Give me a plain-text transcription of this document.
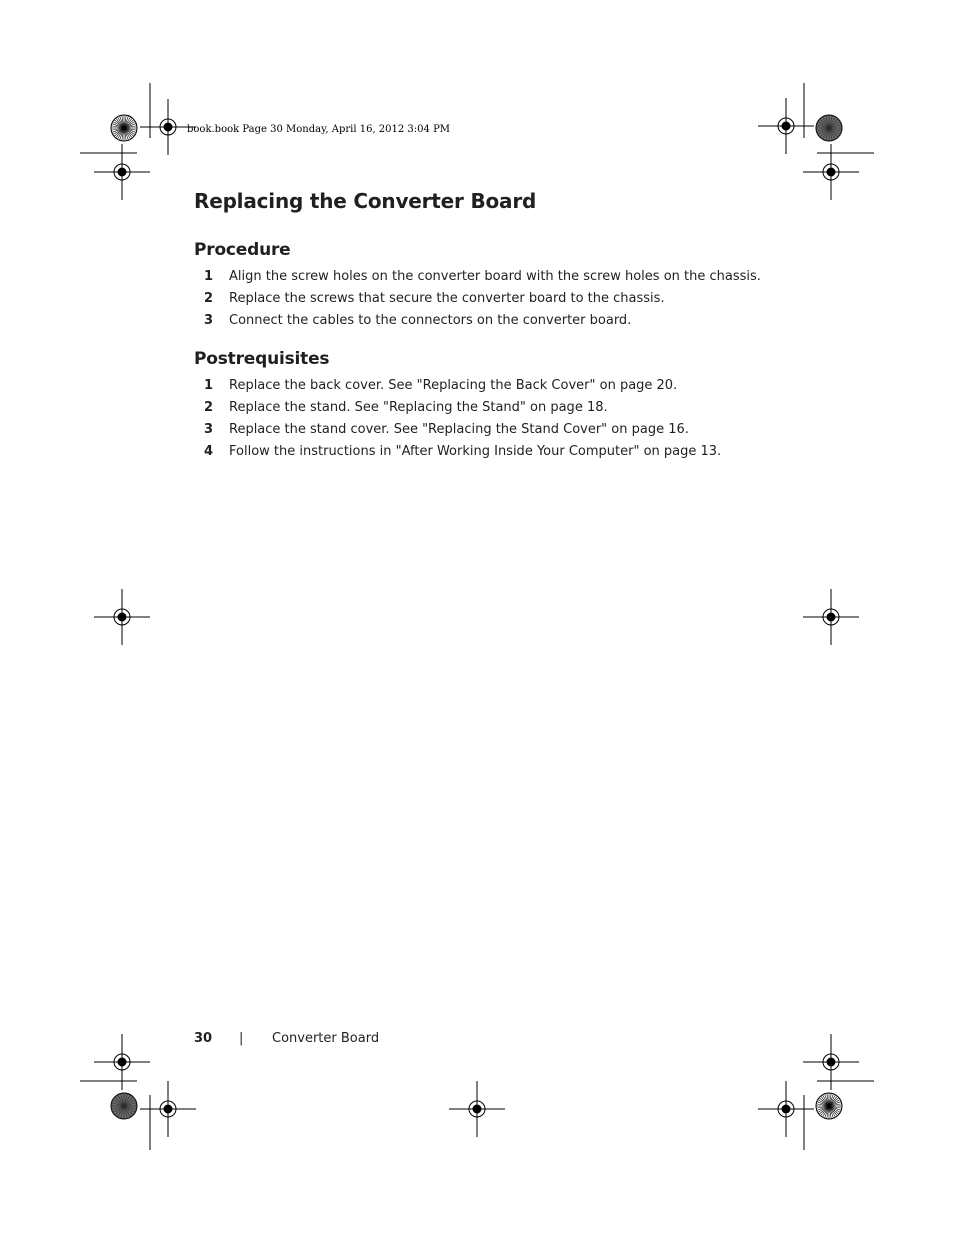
book.book Page 30 Monday, April 16, 2012 3:04 PM
Replacing the Converter Board
Procedure
1 Align the screw holes on the converter board with the screw holes on the chassis.
2 Replace the screws that secure the converter board to the chassis.
3 Connect the cables to the connectors on the converter board.
Postrequisites
1 Replace the back cover. See "Replacing the Back Cover" on page 20.
2 Replace the stand. See "Replacing the Stand" on page 18.
3 Replace the stand cover. See "Replacing the Stand Cover" on page 16.
4 Follow the instructions in "After Working Inside Your Computer" on page 13.
30 | Converter Board
